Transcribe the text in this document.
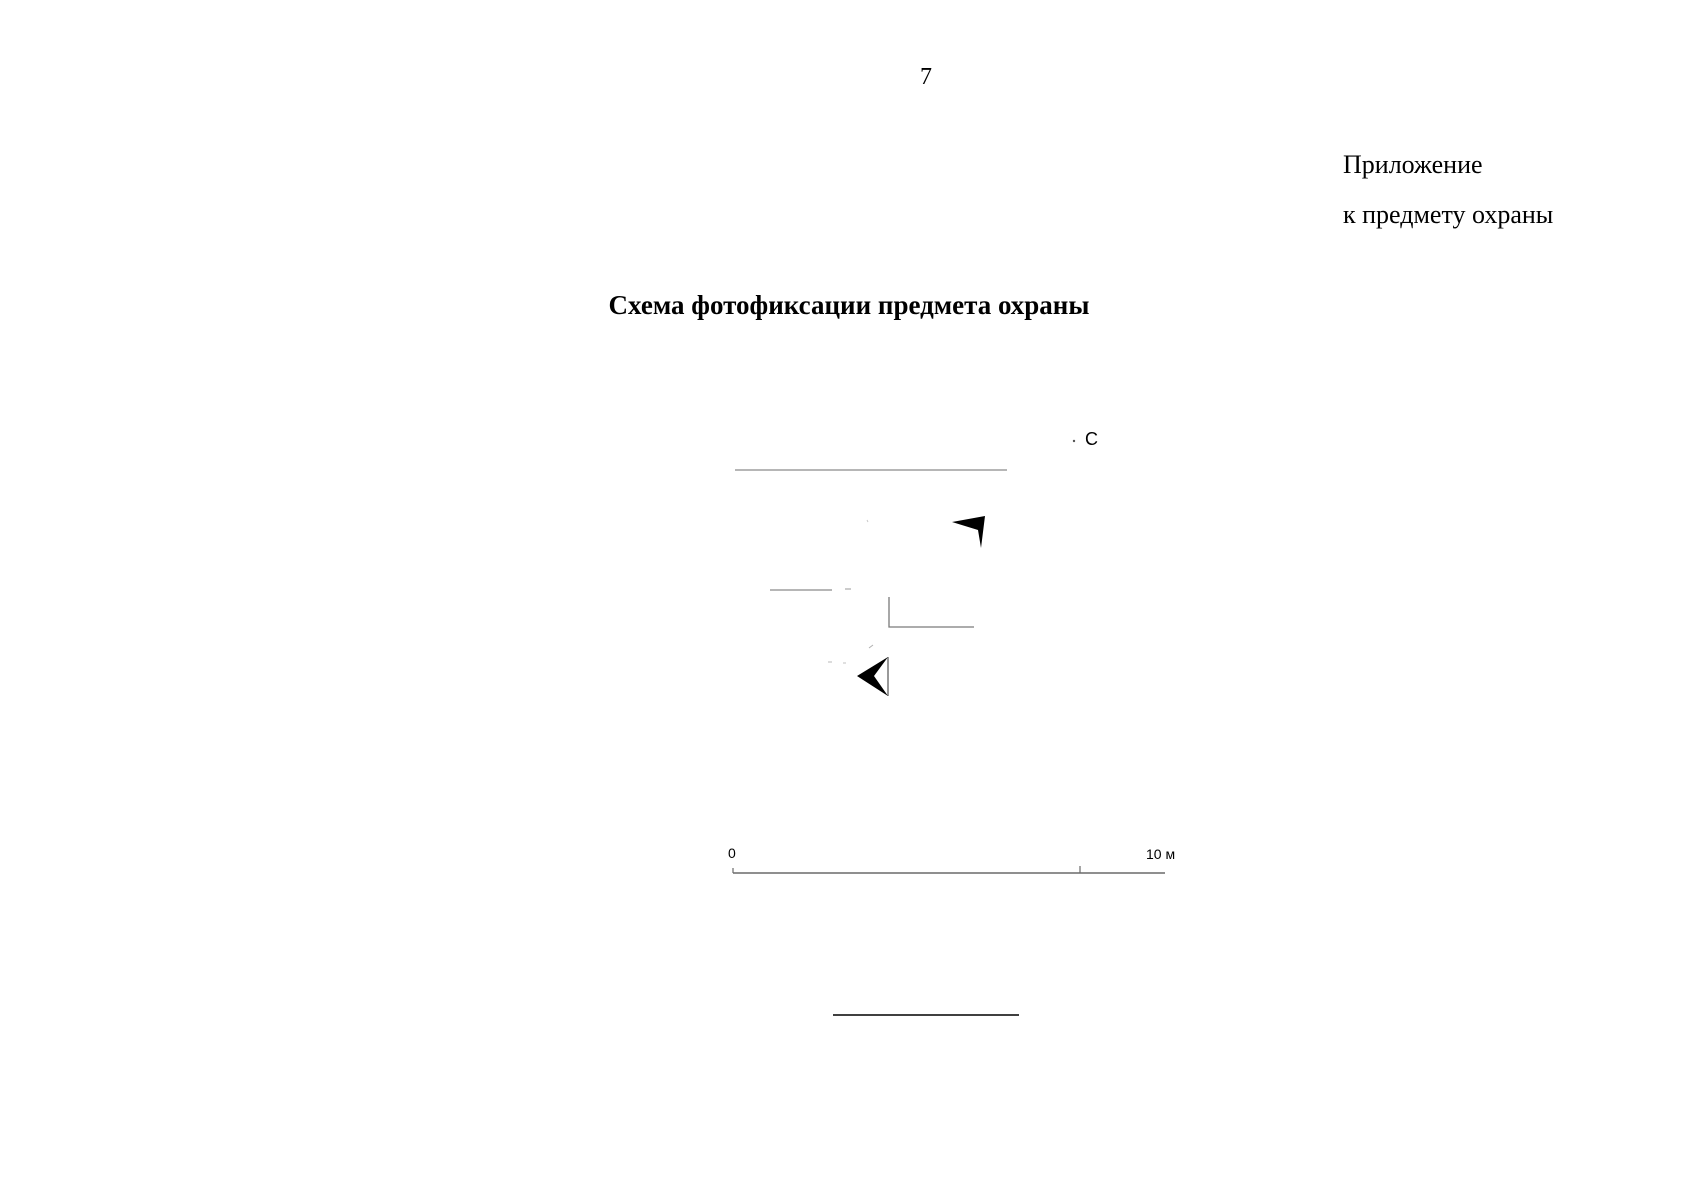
7
Приложение
к предмету охраны
Схема фотофиксации предмета охраны
С
0	10 м
